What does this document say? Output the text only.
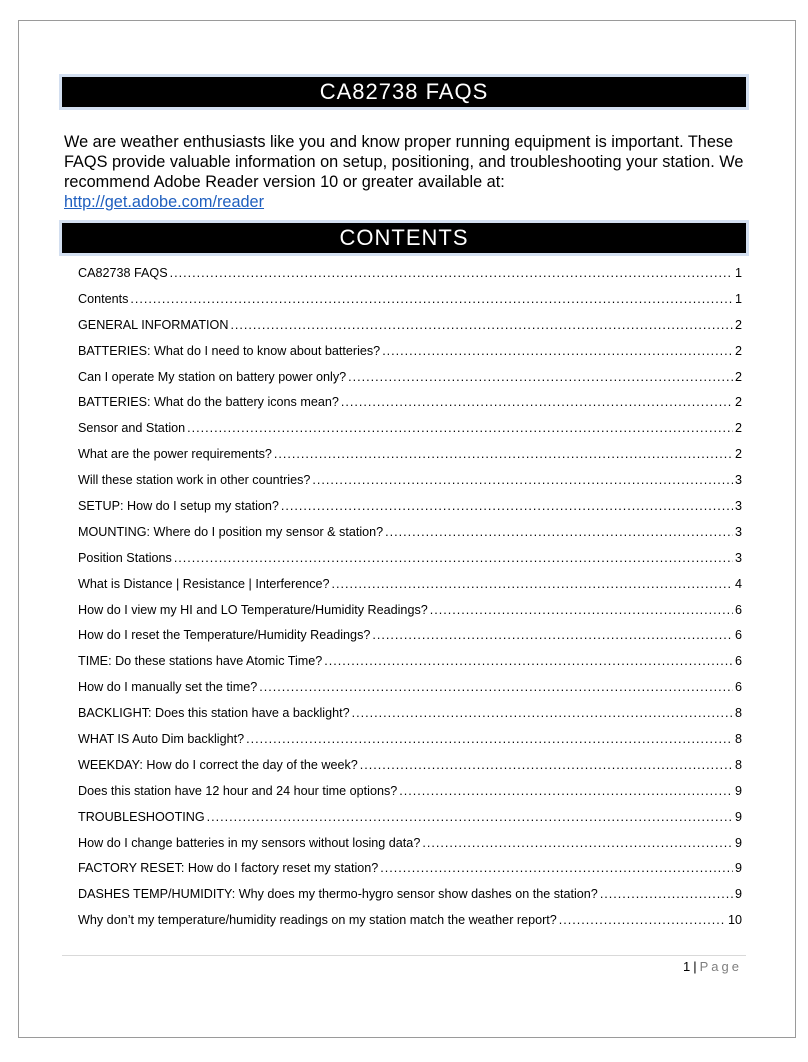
CA82738 FAQS
We are weather enthusiasts like you and know proper running equipment is important. These FAQS provide valuable information on setup, positioning, and troubleshooting your station. We recommend Adobe Reader version 10 or greater available at:
http://get.adobe.com/reader
CONTENTS
CA82738 FAQS .....	1
Contents .....	1
GENERAL INFORMATION .....	2
BATTERIES: What do I need to know about batteries? .....	2
Can I operate My station on battery power only? .....	2
BATTERIES: What do the battery icons mean? .....	2
Sensor and Station .....	2
What are the power requirements? .....	2
Will these station work in other countries? .....	3
SETUP: How do I setup my station? .....	3
MOUNTING: Where do I position my sensor & station? .....	3
Position Stations .....	3
What is Distance | Resistance | Interference? .....	4
How do I view my HI and LO Temperature/Humidity Readings? .....	6
How do I reset the Temperature/Humidity Readings? .....	6
TIME: Do these stations have Atomic Time? .....	6
How do I manually set the time? .....	6
BACKLIGHT: Does this station have a backlight? .....	8
WHAT IS Auto Dim backlight? .....	8
WEEKDAY: How do I correct the day of the week? .....	8
Does this station have 12 hour and 24 hour time options? .....	9
TROUBLESHOOTING .....	9
How do I change batteries in my sensors without losing data? .....	9
FACTORY RESET: How do I factory reset my station? .....	9
DASHES TEMP/HUMIDITY: Why does my thermo-hygro sensor show dashes on the station? .....	9
Why don’t my temperature/humidity readings on my station match the weather report? .....	10
1 | Page
